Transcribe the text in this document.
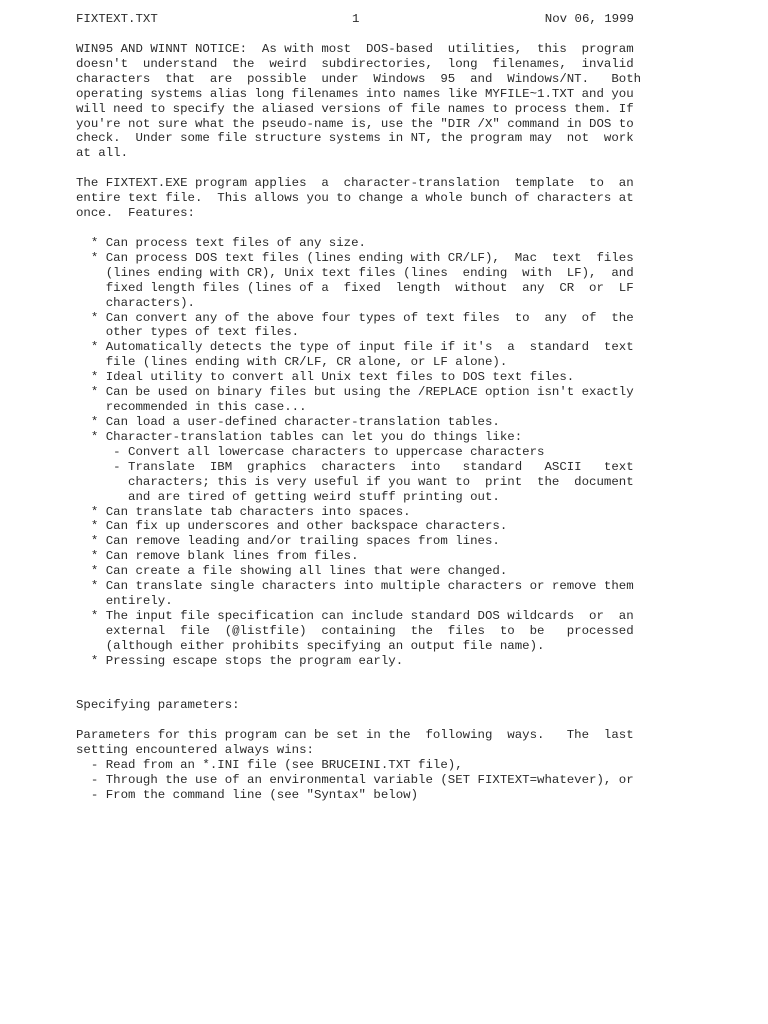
FIXTEXT.TXT	1	Nov 06, 1999
WIN95 AND WINNT NOTICE:  As with most  DOS-based  utilities,  this  program
doesn't  understand  the  weird  subdirectories,  long  filenames,  invalid
characters  that  are  possible  under  Windows  95  and  Windows/NT.   Both
operating systems alias long filenames into names like MYFILE~1.TXT and you
will need to specify the aliased versions of file names to process them. If
you're not sure what the pseudo-name is, use the "DIR /X" command in DOS to
check.  Under some file structure systems in NT, the program may  not  work
at all.
The FIXTEXT.EXE program applies  a  character-translation  template  to  an
entire text file.  This allows you to change a whole bunch of characters at
once.  Features:
* Can process text files of any size.
* Can process DOS text files (lines ending with CR/LF),  Mac  text  files
(lines ending with CR), Unix text files (lines  ending  with  LF),  and
fixed length files (lines of a  fixed  length  without  any  CR  or  LF
characters).
* Can convert any of the above four types of text files  to  any  of  the
other types of text files.
* Automatically detects the type of input file if it's  a  standard  text
file (lines ending with CR/LF, CR alone, or LF alone).
* Ideal utility to convert all Unix text files to DOS text files.
* Can be used on binary files but using the /REPLACE option isn't exactly
recommended in this case...
* Can load a user-defined character-translation tables.
* Character-translation tables can let you do things like:
- Convert all lowercase characters to uppercase characters
- Translate  IBM  graphics  characters  into   standard   ASCII   text
characters; this is very useful if you want to  print  the  document
and are tired of getting weird stuff printing out.
* Can translate tab characters into spaces.
* Can fix up underscores and other backspace characters.
* Can remove leading and/or trailing spaces from lines.
* Can remove blank lines from files.
* Can create a file showing all lines that were changed.
* Can translate single characters into multiple characters or remove them
entirely.
* The input file specification can include standard DOS wildcards  or  an
external  file  (@listfile)  containing  the  files  to  be   processed
(although either prohibits specifying an output file name).
* Pressing escape stops the program early.
Specifying parameters:
Parameters for this program can be set in the  following  ways.   The  last
setting encountered always wins:
- Read from an *.INI file (see BRUCEINI.TXT file),
- Through the use of an environmental variable (SET FIXTEXT=whatever), or
- From the command line (see "Syntax" below)
